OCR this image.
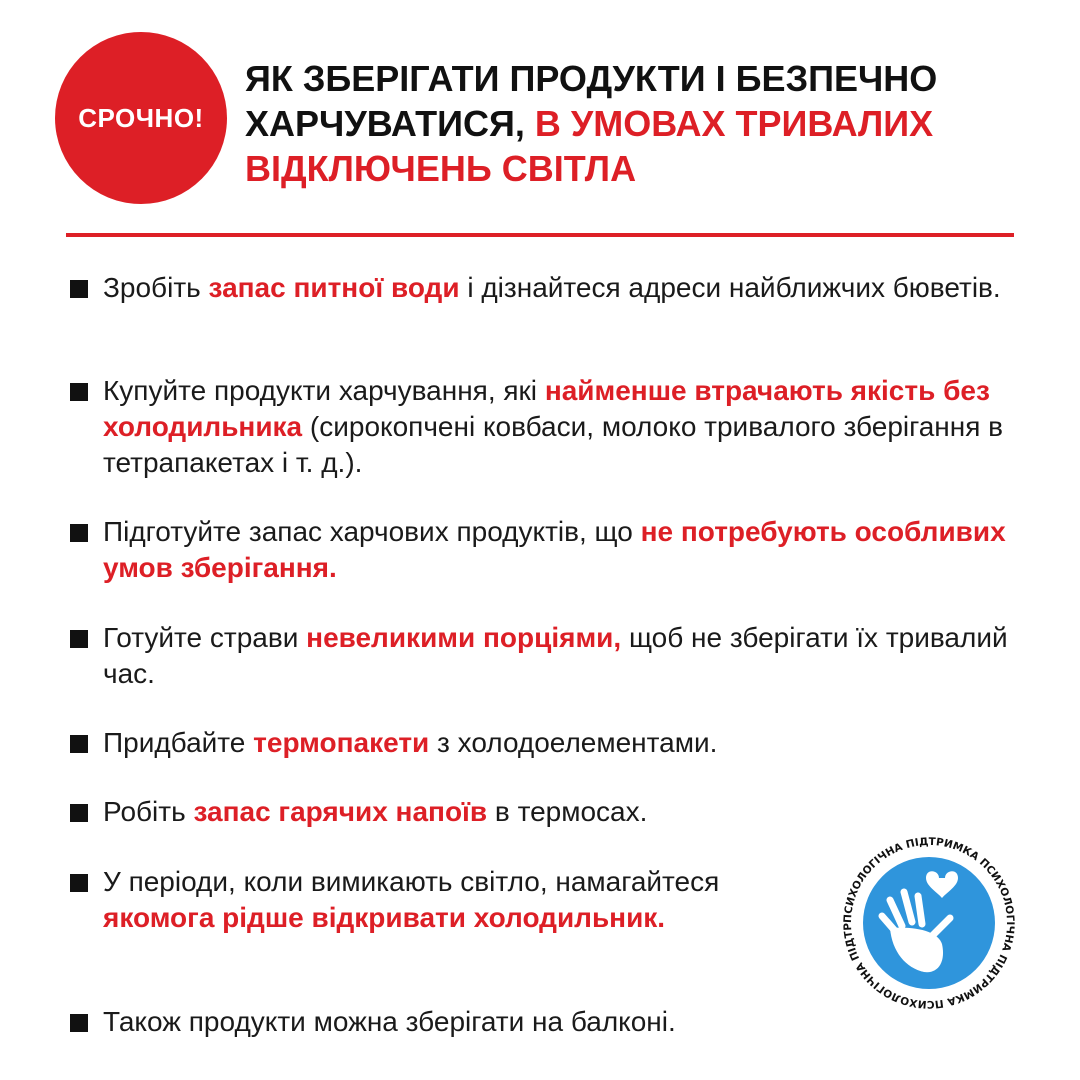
СРОЧНО!
ЯК ЗБЕРІГАТИ ПРОДУКТИ І БЕЗПЕЧНО ХАРЧУВАТИСЯ, В УМОВАХ ТРИВАЛИХ ВІДКЛЮЧЕНЬ СВІТЛА
Зробіть запас питної води і дізнайтеся адреси найближчих бюветів.
Купуйте продукти харчування, які найменше втрачають якість без холодильника (сирокопчені ковбаси, молоко тривалого зберігання в тетрапакетах і т. д.).
Підготуйте запас харчових продуктів, що не потребують особливих умов зберігання.
Готуйте страви невеликими порціями, щоб не зберігати їх тривалий час.
Придбайте термопакети з холодоелементами.
Робіть запас гарячих напоїв в термосах.
У періоди, коли вимикають світло, намагайтеся якомога рідше відкривати холодильник.
Також продукти можна зберігати на балконі.
ПСИХОЛОГІЧНА ПІДТРИМКА ПСИХОЛОГІЧНА ПІДТРИМКА ПСИХОЛОГІЧНА ПІДТР
